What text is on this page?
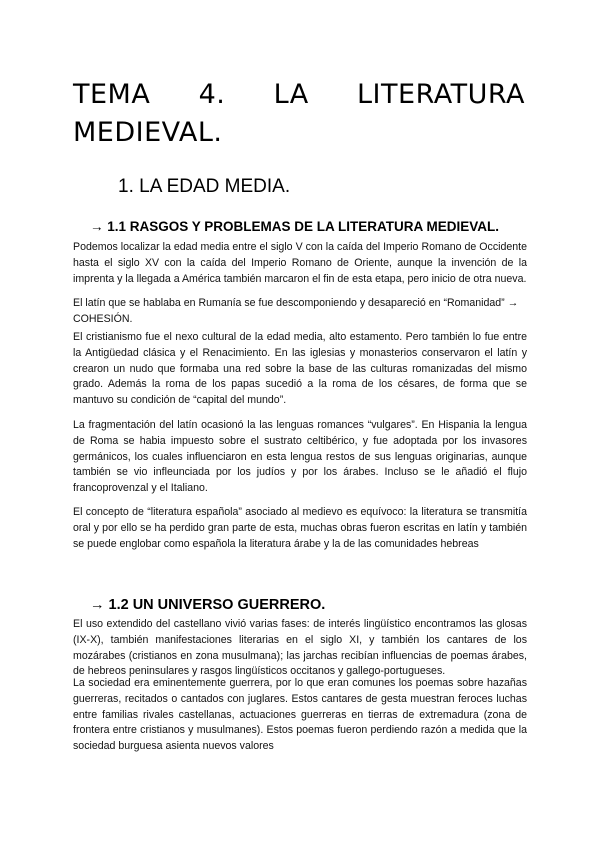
TEMA 4. LA LITERATURA MEDIEVAL.
1. LA EDAD MEDIA.
→ 1.1 RASGOS Y PROBLEMAS DE LA LITERATURA MEDIEVAL.

Podemos localizar la edad media entre el siglo V con la caída del Imperio Romano de Occidente hasta el siglo XV con la caída del Imperio Romano de Oriente, aunque la invención de la imprenta y la llegada a América también marcaron el fin de esta etapa, pero inicio de otra nueva.

El latín que se hablaba en Rumanía se fue descomponiendo y desapareció en “Romanidad” → COHESIÓN.

El cristianismo fue el nexo cultural de la edad media, alto estamento. Pero también lo fue entre la Antigüedad clásica y el Renacimiento. En las iglesias y monasterios conservaron el latín y crearon un nudo que formaba una red sobre la base de las culturas romanizadas del mismo grado. Además la roma de los papas sucedió a la roma de los césares, de forma que se mantuvo su condición de “capital del mundo”.

La fragmentación del latín ocasionó la las lenguas romances “vulgares”. En Hispania la lengua de Roma se habia impuesto sobre el sustrato celtibérico, y fue adoptada por los invasores germánicos, los cuales influenciaron en esta lengua restos de sus lenguas originarias, aunque también se vio infleunciada por los judíos y por los árabes. Incluso se le añadió el flujo francoprovenzal y el Italiano.

El concepto de “literatura española” asociado al medievo es equívoco: la literatura se transmitía oral y por ello se ha perdido gran parte de esta, muchas obras fueron escritas en latín y también se puede englobar como española la literatura árabe y la de las comunidades hebreas

→ 1.2 UN UNIVERSO GUERRERO.

El uso extendido del castellano vivió varias fases: de interés lingüístico encontramos las glosas (IX-X), también manifestaciones literarias en el siglo XI, y también los cantares de los mozárabes (cristianos en zona musulmana); las jarchas recibían influencias de poemas árabes, de hebreos peninsulares y rasgos lingüísticos occitanos y gallego-portugueses.

La sociedad era eminentemente guerrera, por lo que eran comunes los poemas sobre hazañas guerreras, recitados o cantados con juglares. Estos cantares de gesta muestran feroces luchas entre familias rivales castellanas, actuaciones guerreras en tierras de extremadura (zona de frontera entre cristianos y musulmanes). Estos poemas fueron perdiendo razón a medida que la sociedad burguesa asienta nuevos valores
